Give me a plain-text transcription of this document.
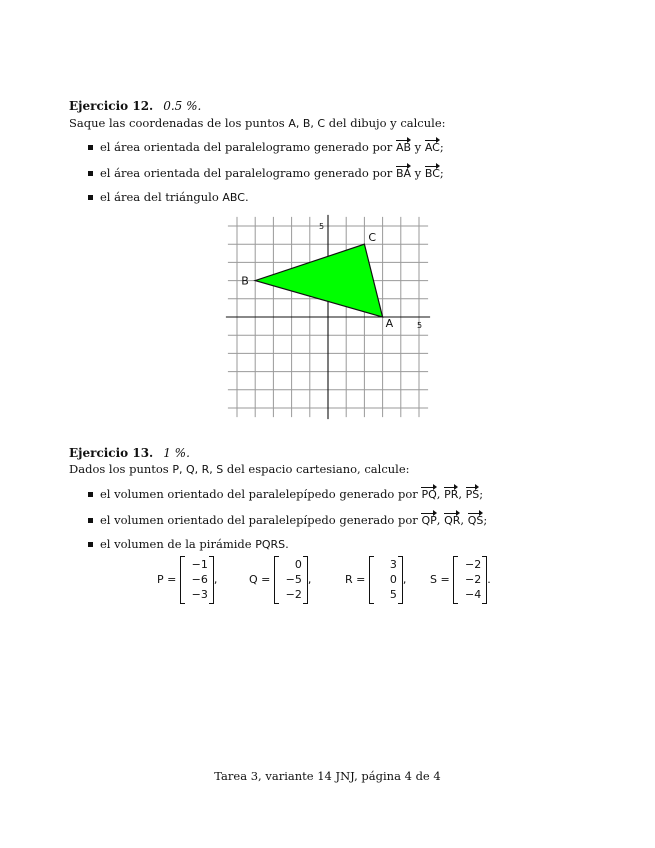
Ejercicio 12. 0.5 %.
Saque las coordenadas de los puntos A, B, C del dibujo y calcule:
el área orientada del paralelogramo generado por AB y AC;
el área orientada del paralelogramo generado por BA y BC;
el área del triángulo ABC.
5
5
A
B
C
Ejercicio 13. 1 %.
Dados los puntos P, Q, R, S del espacio cartesiano, calcule:
el volumen orientado del paralelepípedo generado por PQ, PR, PS;
el volumen orientado del paralelepípedo generado por QP, QR, QS;
el volumen de la pirámide PQRS.
P =
−1
−6
−3
,	Q =
0
−5
−2
,	R =
3
0
5
, S =
−2
−2
−4
.
Tarea 3, variante 14 JNJ, página 4 de 4
